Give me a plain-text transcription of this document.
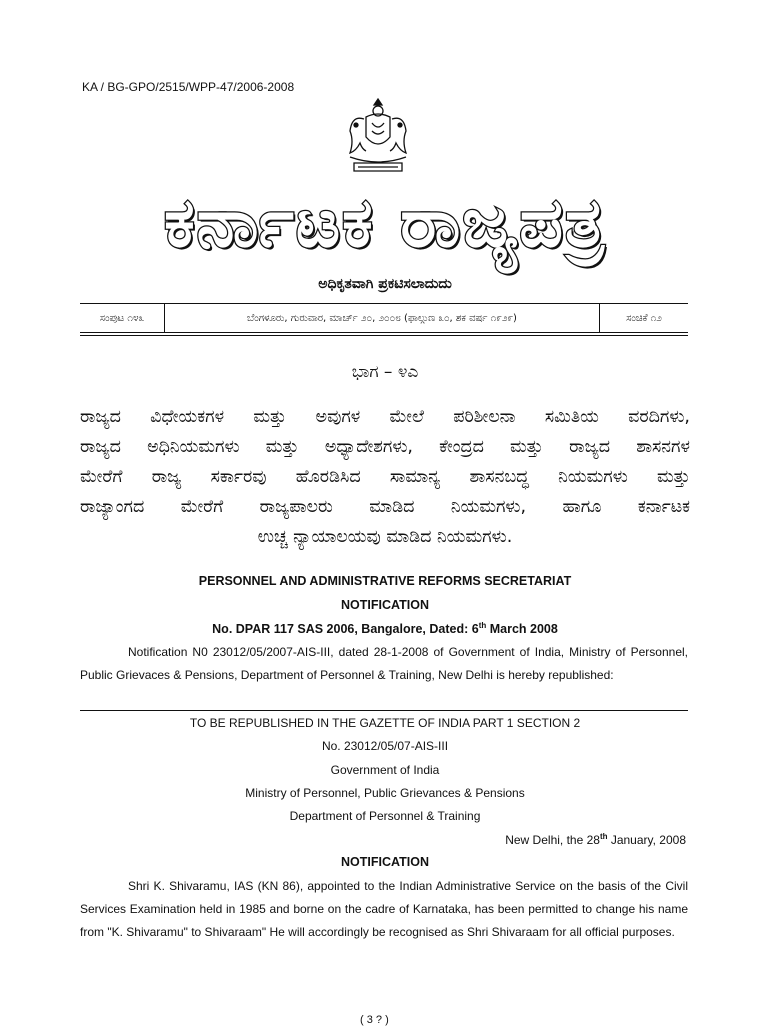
KA / BG-GPO/2515/WPP-47/2006-2008
ಕರ್ನಾಟಕ ರಾಜ್ಯಪತ್ರ
ಅಧಿಕೃತವಾಗಿ ಪ್ರಕಟಿಸಲಾದುದು
ಸಂಪುಟ ೧೪೩	ಬೆಂಗಳೂರು, ಗುರುವಾರ, ಮಾರ್ಚ್ ೨೦, ೨೦೦೮ (ಫಾಲ್ಗುಣ ೩೦, ಶಕ ವರ್ಷ ೧೯೨೯)	ಸಂಚಿಕೆ ೧೨
ಭಾಗ – ೪ಎ
ರಾಜ್ಯದ ವಿಧೇಯಕಗಳ ಮತ್ತು ಅವುಗಳ ಮೇಲೆ ಪರಿಶೀಲನಾ ಸಮಿತಿಯ ವರದಿಗಳು,
ರಾಜ್ಯದ ಅಧಿನಿಯಮಗಳು ಮತ್ತು ಅಧ್ಯಾದೇಶಗಳು, ಕೇಂದ್ರದ ಮತ್ತು ರಾಜ್ಯದ ಶಾಸನಗಳ
ಮೇರೆಗೆ ರಾಜ್ಯ ಸರ್ಕಾರವು ಹೊರಡಿಸಿದ ಸಾಮಾನ್ಯ ಶಾಸನಬದ್ಧ ನಿಯಮಗಳು ಮತ್ತು
ರಾಜ್ಯಾಂಗದ ಮೇರೆಗೆ ರಾಜ್ಯಪಾಲರು ಮಾಡಿದ ನಿಯಮಗಳು, ಹಾಗೂ ಕರ್ನಾಟಕ
ಉಚ್ಚ ನ್ಯಾಯಾಲಯವು ಮಾಡಿದ ನಿಯಮಗಳು.
PERSONNEL AND ADMINISTRATIVE REFORMS SECRETARIAT
NOTIFICATION
No. DPAR 117 SAS 2006, Bangalore, Dated: 6th March 2008
Notification N0 23012/05/2007-AIS-III, dated 28-1-2008 of Government of India, Ministry of Personnel, Public Grievaces & Pensions, Department of Personnel & Training, New Delhi is hereby republished:
TO BE REPUBLISHED IN THE GAZETTE OF INDIA PART 1 SECTION 2
No. 23012/05/07-AIS-III
Government of India
Ministry of Personnel, Public Grievances & Pensions
Department of Personnel & Training
New Delhi, the 28th January, 2008
NOTIFICATION
Shri K. Shivaramu, IAS (KN 86), appointed to the Indian Administrative Service on the basis of the Civil Services Examination held in 1985 and borne on the cadre of Karnataka, has been permitted to change his name from "K. Shivaramu" to Shivaraam" He will accordingly be recognised as Shri Shivaraam for all official purposes.
( 3 ? )
